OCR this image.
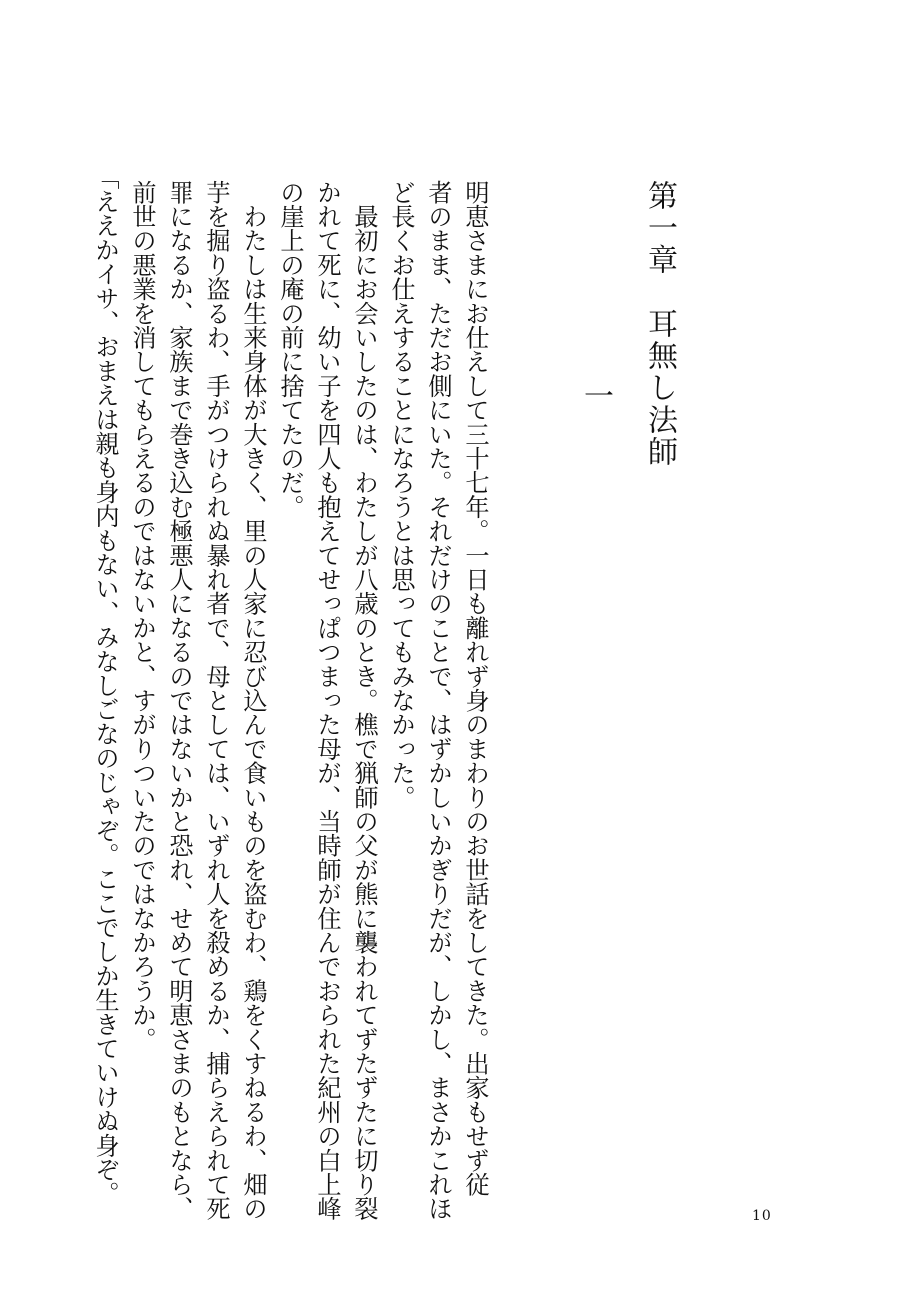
第一章　耳無し法師
一
明恵さまにお仕えして三十七年。一日も離れず身のまわりのお世話をしてきた。出家もせず従
者のまま、ただお側にいた。それだけのことで、はずかしいかぎりだが、しかし、まさかこれほ
ど長くお仕えすることになろうとは思ってもみなかった。
　最初にお会いしたのは、わたしが八歳のとき。樵で猟師の父が熊に襲われてずたずたに切り裂
かれて死に、幼い子を四人も抱えてせっぱつまった母が、当時師が住んでおられた紀州の白上峰
の崖上の庵の前に捨てたのだ。
　わたしは生来身体が大きく、里の人家に忍び込んで食いものを盗むわ、鶏をくすねるわ、畑の
芋を掘り盗るわ、手がつけられぬ暴れ者で、母としては、いずれ人を殺めるか、捕らえられて死
罪になるか、家族まで巻き込む極悪人になるのではないかと恐れ、せめて明恵さまのもとなら、
前世の悪業を消してもらえるのではないかと、すがりついたのではなかろうか。
「ええかイサ、おまえは親も身内もない、みなしごなのじゃぞ。ここでしか生きていけぬ身ぞ。
10
